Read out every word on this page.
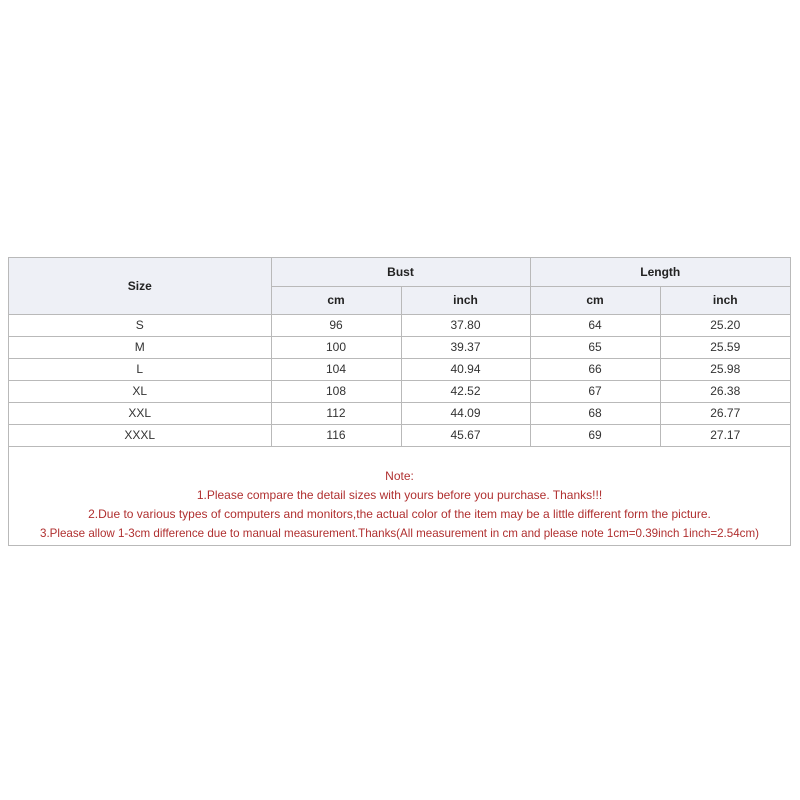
Size	Bust		Length	
	cm	inch	cm	inch
S	96	37.80	64	25.20
M	100	39.37	65	25.59
L	104	40.94	66	25.98
XL	108	42.52	67	26.38
XXL	112	44.09	68	26.77
XXXL	116	45.67	69	27.17
Note:
1.Please compare the detail sizes with yours before you purchase. Thanks!!!
2.Due to various types of computers and monitors,the actual color of the item may be a little different form the picture.
3.Please allow 1-3cm difference due to manual measurement.Thanks(All measurement in cm and please note 1cm=0.39inch 1inch=2.54cm)
